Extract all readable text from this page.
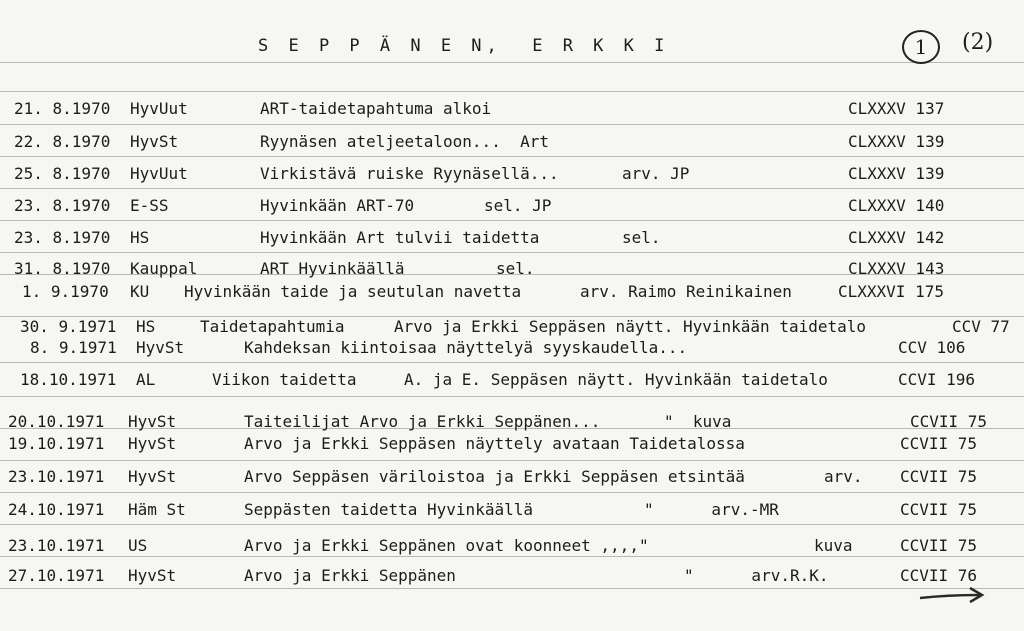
S E P P Ä N E N,  E R K K I	1	(2)
21. 8.1970 HyvUut	ART-taidetapahtuma alkoi	CLXXXV 137
22. 8.1970 HyvSt	Ryynäsen ateljeetaloon...  Art	CLXXXV 139
25. 8.1970 HyvUut	Virkistävä ruiske Ryynäsellä...	arv. JP	CLXXXV 139
23. 8.1970 E-SS	Hyvinkään ART-70	sel. JP	CLXXXV 140
23. 8.1970 HS	Hyvinkään Art tulvii taidetta	sel.	CLXXXV 142
31. 8.1970 Kauppal	ART Hyvinkäällä	sel.	CLXXXV 143
1. 9.1970 KU Hyvinkään taide ja seutulan navetta	arv. Raimo Reinikainen	CLXXXVI 175
30. 9.1971 HS	Taidetapahtumia	Arvo ja Erkki Seppäsen näytt. Hyvinkään taidetalo	CCV 77
8. 9.1971 HyvSt	Kahdeksan kiintoisaa näyttelyä syyskaudella...	CCV 106
18.10.1971 AL	Viikon taidetta	A. ja E. Seppäsen näytt. Hyvinkään taidetalo	CCVI 196
20.10.1971 HyvSt	Taiteilijat Arvo ja Erkki Seppänen...	"  kuva	CCVII 75
19.10.1971 HyvSt	Arvo ja Erkki Seppäsen näyttely avataan Taidetalossa	CCVII 75
23.10.1971 HyvSt	Arvo Seppäsen väriloistoa ja Erkki Seppäsen etsintää	arv. CCVII 75
24.10.1971 Häm St	Seppästen taidetta Hyvinkäällä	"      arv.-MR	CCVII 75
23.10.1971 US	Arvo ja Erkki Seppänen ovat koonneet ,,,,"	kuva	CCVII 75
27.10.1971 HyvSt	Arvo ja Erkki Seppänen	"      arv.R.K.	CCVII 76
